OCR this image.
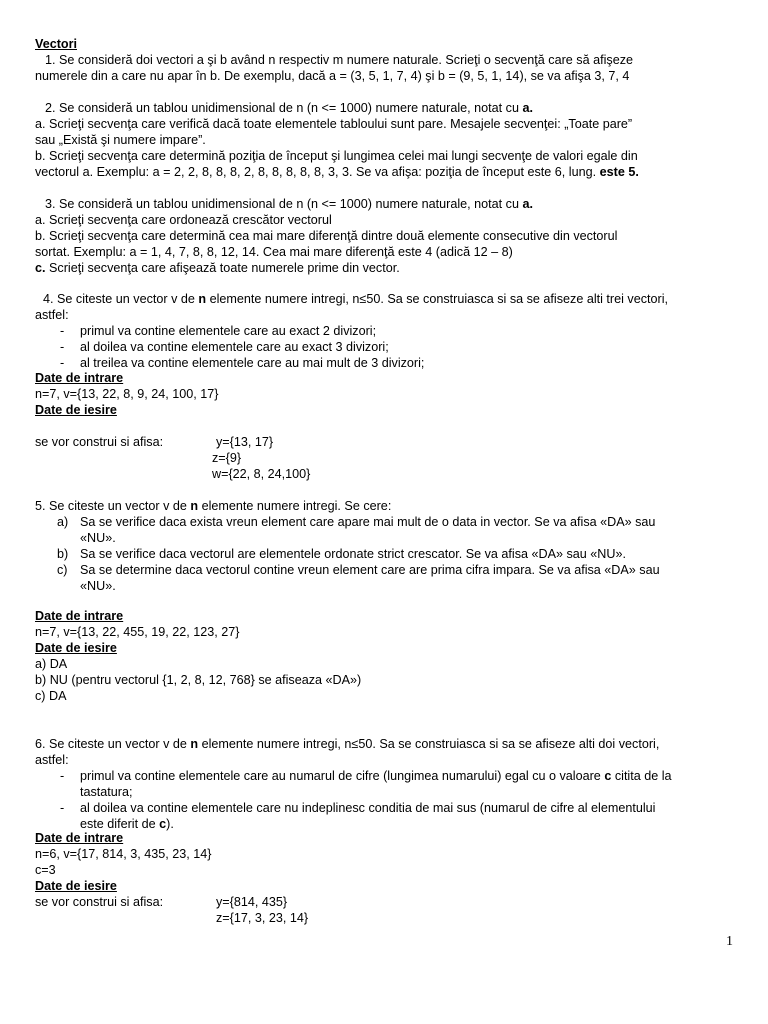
Vectori
1. Se consideră doi vectori a şi b având n respectiv m numere naturale. Scrieţi o secvenţă care să afişeze
numerele din a care nu apar în b. De exemplu, dacă a = (3, 5, 1, 7, 4) şi b = (9, 5, 1, 14), se va afişa 3, 7, 4
2. Se consideră un tablou unidimensional de n (n <= 1000) numere naturale, notat cu a.
a. Scrieţi secvenţa care verifică dacă toate elementele tabloului sunt pare. Mesajele secvenţei: „Toate pare”
sau „Există şi numere impare”.
b. Scrieţi secvenţa care determină poziţia de început şi lungimea celei mai lungi secvenţe de valori egale din
vectorul a. Exemplu: a = 2, 2, 8, 8, 8, 2, 8, 8, 8, 8, 8, 3, 3. Se va afişa: poziţia de început este 6, lung. este 5.
3. Se consideră un tablou unidimensional de n (n <= 1000) numere naturale, notat cu a.
a. Scrieţi secvenţa care ordonează crescător vectorul
b. Scrieţi secvenţa care determină cea mai mare diferenţă dintre două elemente consecutive din vectorul
sortat. Exemplu: a = 1, 4, 7, 8, 8, 12, 14. Cea mai mare diferenţă este 4 (adică 12 – 8)
c. Scrieţi secvenţa care afişează toate numerele prime din vector.
4. Se citeste un vector v de n elemente numere intregi, n≤50. Sa se construiasca si sa se afiseze alti trei vectori,
astfel:
- primul va contine elementele care au exact 2 divizori;
- al doilea va contine elementele care au exact 3 divizori;
- al treilea va contine elementele care au mai mult de 3 divizori;
Date de intrare
n=7, v={13, 22, 8, 9, 24, 100, 17}
Date de iesire
se vor construi si afisa:	y={13, 17}
z={9}
w={22, 8, 24,100}
5. Se citeste un vector v de n elemente numere intregi. Se cere:
a) Sa se verifice daca exista vreun element care apare mai mult de o data in vector. Se va afisa «DA» sau
«NU».
b) Sa se verifice daca vectorul are elementele ordonate strict crescator. Se va afisa «DA» sau «NU».
c) Sa se determine daca vectorul contine vreun element care are prima cifra impara. Se va afisa «DA» sau
«NU».
Date de intrare
n=7, v={13, 22, 455, 19, 22, 123, 27}
Date de iesire
a) DA
b) NU (pentru vectorul {1, 2, 8, 12, 768} se afiseaza «DA»)
c) DA
6. Se citeste un vector v de n elemente numere intregi, n≤50. Sa se construiasca si sa se afiseze alti doi vectori,
astfel:
- primul va contine elementele care au numarul de cifre (lungimea numarului) egal cu o valoare c citita de la
tastatura;
- al doilea va contine elementele care nu indeplinesc conditia de mai sus (numarul de cifre al elementului
este diferit de c).
Date de intrare
n=6, v={17, 814, 3, 435, 23, 14}
c=3
Date de iesire
se vor construi si afisa:	y={814, 435}
z={17, 3, 23, 14}
1
